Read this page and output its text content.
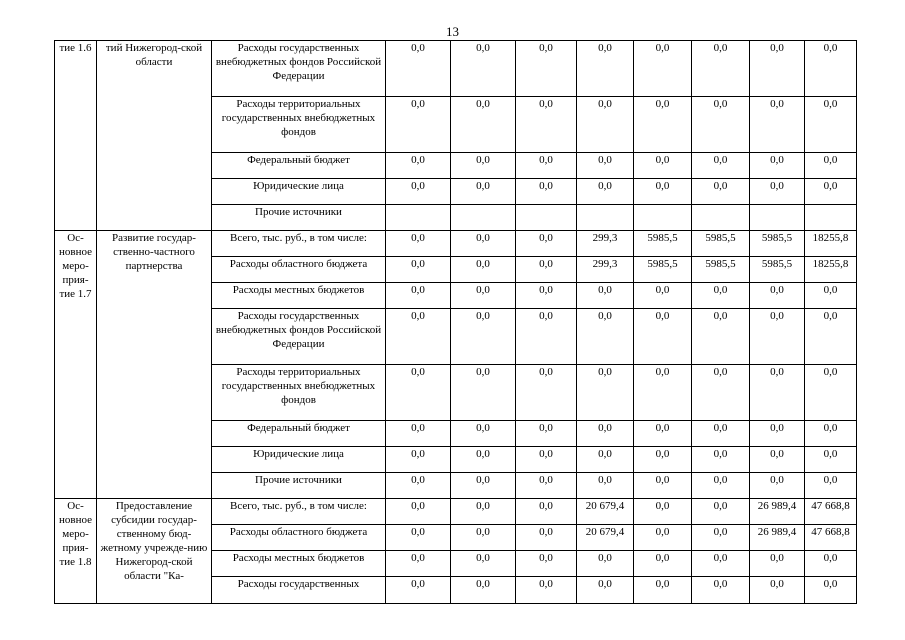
13
тие 1.6	тий Нижегород-ской области	Расходы государственных внебюджетных фондов Российской Федерации	0,0	0,0	0,0	0,0	0,0	0,0	0,0	0,0
		Расходы территориальных государственных внебюджетных фондов	0,0	0,0	0,0	0,0	0,0	0,0	0,0	0,0
		Федеральный бюджет	0,0	0,0	0,0	0,0	0,0	0,0	0,0	0,0
		Юридические лица	0,0	0,0	0,0	0,0	0,0	0,0	0,0	0,0
		Прочие источники								
Ос-новное меро-прия-тие 1.7	Развитие государ-ственно-частного партнерства	Всего, тыс. руб., в том числе:	0,0	0,0	0,0	299,3	5985,5	5985,5	5985,5	18255,8
		Расходы областного бюджета	0,0	0,0	0,0	299,3	5985,5	5985,5	5985,5	18255,8
		Расходы местных бюджетов	0,0	0,0	0,0	0,0	0,0	0,0	0,0	0,0
		Расходы государственных внебюджетных фондов Российской Федерации	0,0	0,0	0,0	0,0	0,0	0,0	0,0	0,0
		Расходы территориальных государственных внебюджетных фондов	0,0	0,0	0,0	0,0	0,0	0,0	0,0	0,0
		Федеральный бюджет	0,0	0,0	0,0	0,0	0,0	0,0	0,0	0,0
		Юридические лица	0,0	0,0	0,0	0,0	0,0	0,0	0,0	0,0
		Прочие источники	0,0	0,0	0,0	0,0	0,0	0,0	0,0	0,0
Ос-новное меро-прия-тие 1.8	Предоставление субсидии государ-ственному бюд-жетному учрежде-нию Нижегород-ской области "Ка-	Всего, тыс. руб., в том числе:	0,0	0,0	0,0	20 679,4	0,0	0,0	26 989,4	47 668,8
		Расходы областного бюджета	0,0	0,0	0,0	20 679,4	0,0	0,0	26 989,4	47 668,8
		Расходы местных бюджетов	0,0	0,0	0,0	0,0	0,0	0,0	0,0	0,0
		Расходы государственных	0,0	0,0	0,0	0,0	0,0	0,0	0,0	0,0
